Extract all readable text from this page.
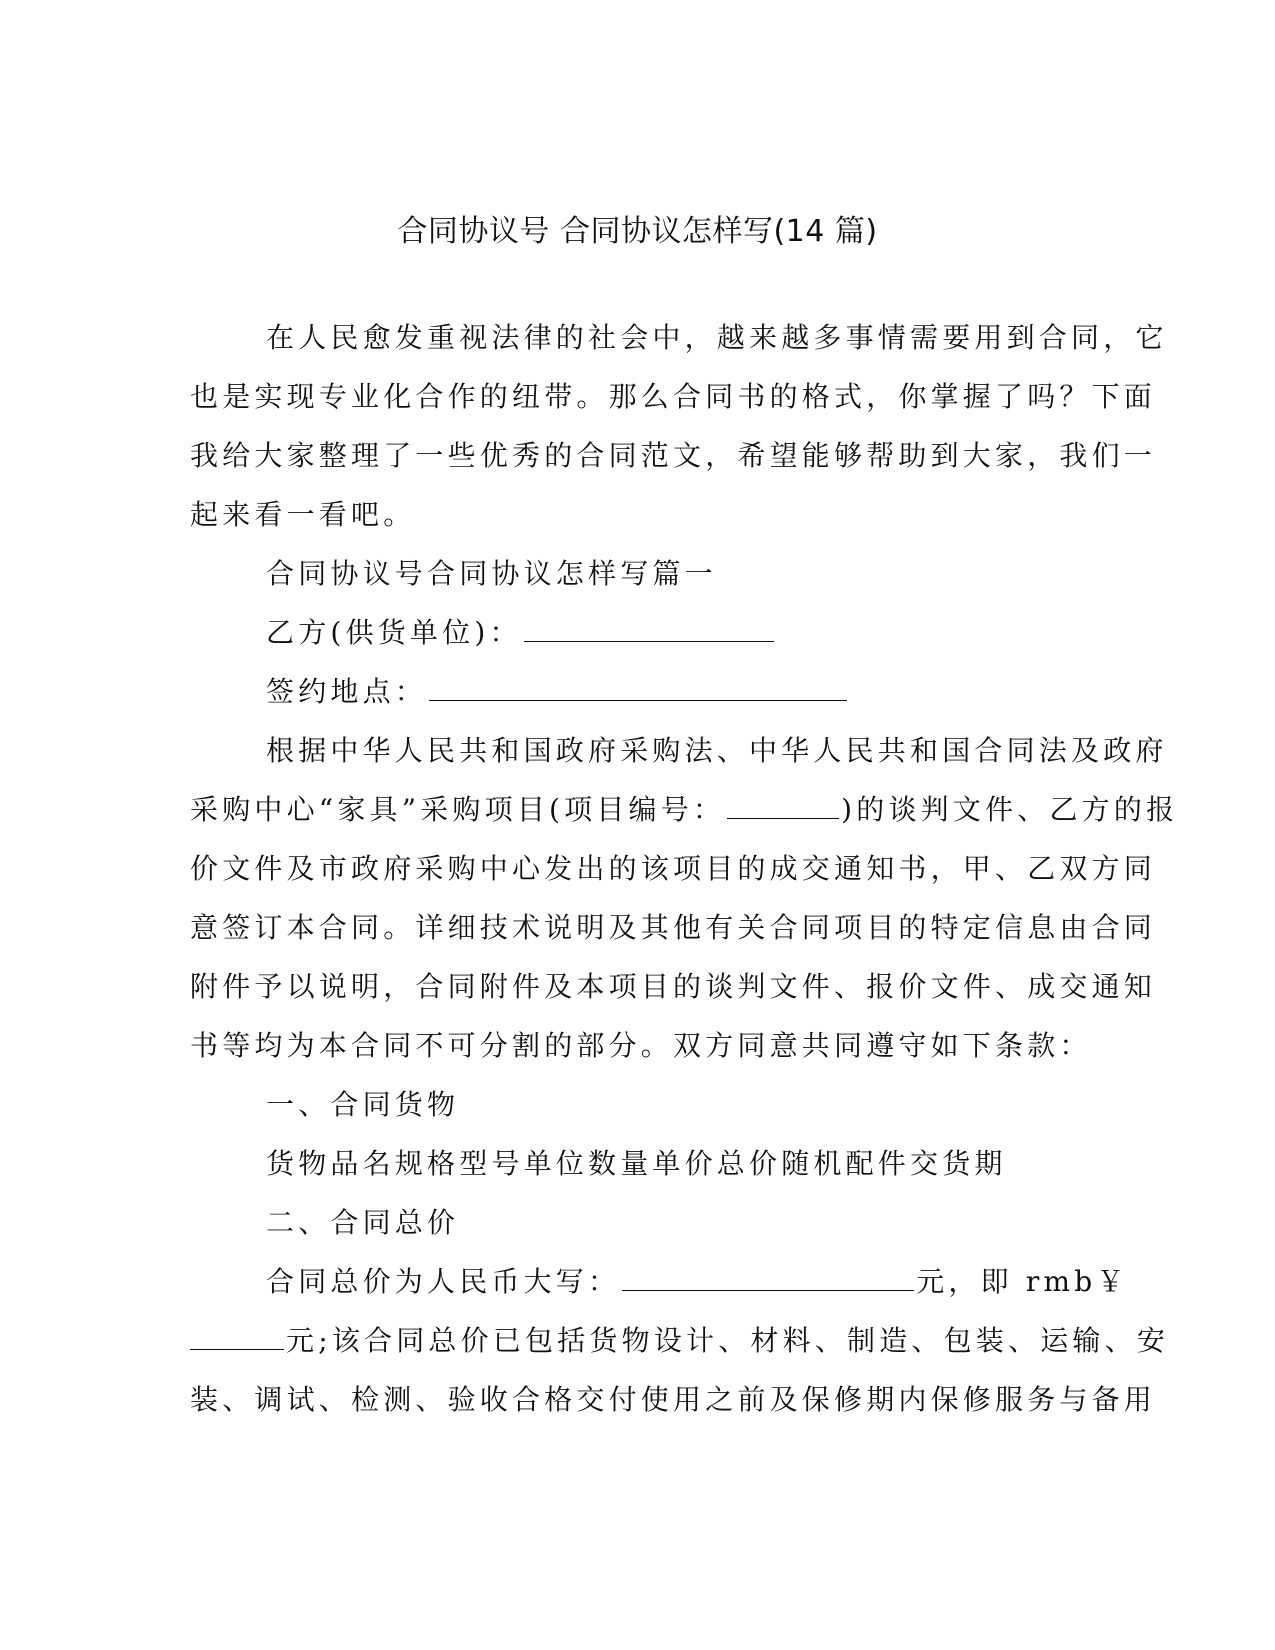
合同协议号 合同协议怎样写(14 篇)
在人民愈发重视法律的社会中，越来越多事情需要用到合同，它
也是实现专业化合作的纽带。那么合同书的格式，你掌握了吗？下面
我给大家整理了一些优秀的合同范文，希望能够帮助到大家，我们一
起来看一看吧。
合同协议号合同协议怎样写篇一
乙方(供货单位)：
签约地点：
根据中华人民共和国政府采购法、中华人民共和国合同法及政府
采购中心“家具”采购项目(项目编号：	)的谈判文件、乙方的报
价文件及市政府采购中心发出的该项目的成交通知书，甲、乙双方同
意签订本合同。详细技术说明及其他有关合同项目的特定信息由合同
附件予以说明，合同附件及本项目的谈判文件、报价文件、成交通知
书等均为本合同不可分割的部分。双方同意共同遵守如下条款：
一、合同货物
货物品名规格型号单位数量单价总价随机配件交货期
二、合同总价
合同总价为人民币大写：	元，即 rmb￥
元;该合同总价已包括货物设计、材料、制造、包装、运输、安
装、调试、检测、验收合格交付使用之前及保修期内保修服务与备用
